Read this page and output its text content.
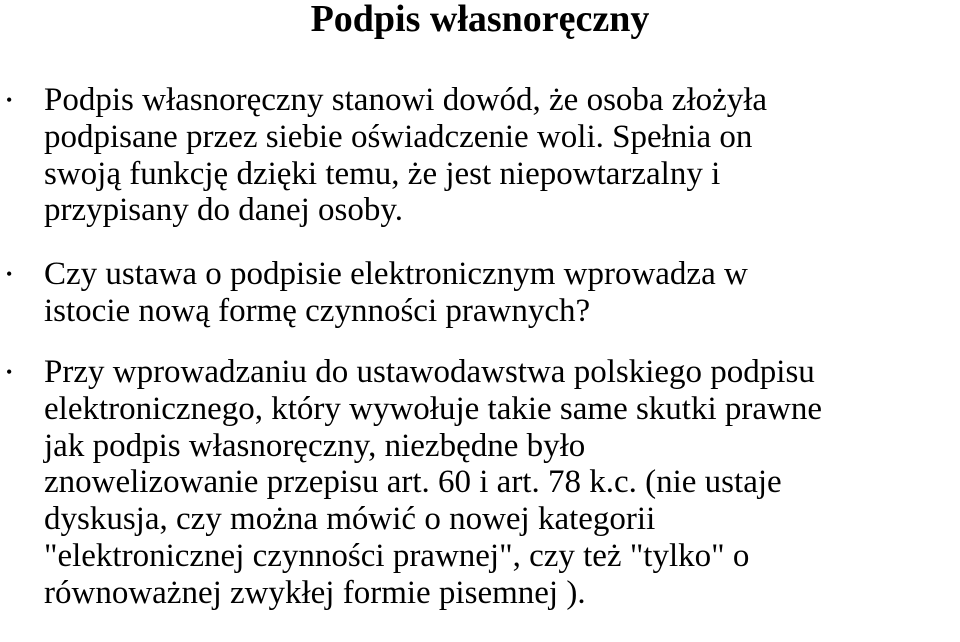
Podpis własnoręczny
• Podpis własnoręczny stanowi dowód, że osoba złożyła
podpisane przez siebie oświadczenie woli. Spełnia on
swoją funkcję dzięki temu, że jest niepowtarzalny i
przypisany do danej osoby.
• Czy ustawa o podpisie elektronicznym wprowadza w
istocie nową formę czynności prawnych?
• Przy wprowadzaniu do ustawodawstwa polskiego podpisu
elektronicznego, który wywołuje takie same skutki prawne
jak podpis własnoręczny, niezbędne było
znowelizowanie przepisu art. 60 i art. 78 k.c. (nie ustaje
dyskusja, czy można mówić o nowej kategorii
"elektronicznej czynności prawnej", czy też "tylko" o
równoważnej zwykłej formie pisemnej ).
